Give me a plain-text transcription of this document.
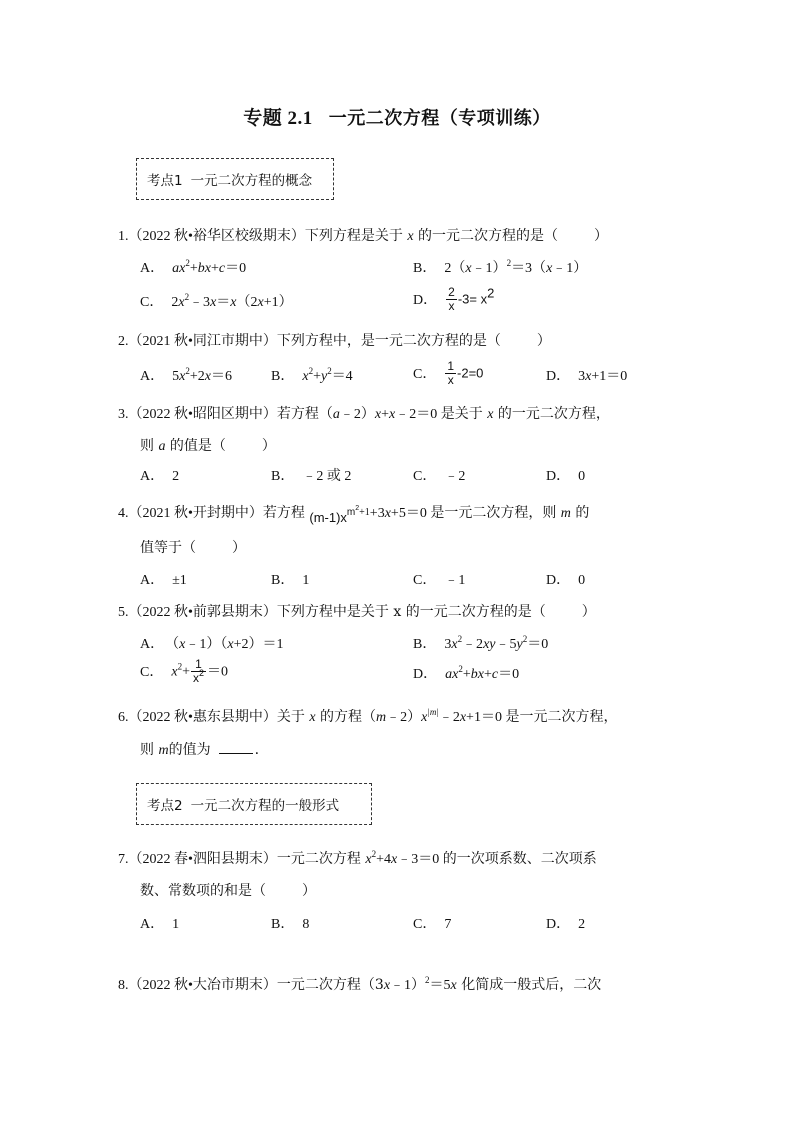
专题 2.1 一元二次方程（专项训练）
考点1 一元二次方程的概念
1.（2022 秋•裕华区校级期末）下列方程是关于 x 的一元二次方程的是（	）
A． $ax^2+bx+c=0$	B． 2（x﹣1）$^2$＝3（x﹣1）
C． $2x^2﹣3x=x(2x+1)$	D． $\frac{2}{x} -3= x^2$
2.（2021 秋•同江市期中）下列方程中，是一元二次方程的是（	）
A． $5x^2+2x=6$	B． $x^2+y^2=4$	C． $\frac{1}{x} -2=0$	D． 3x+1＝0
3.（2022 秋•昭阳区期中）若方程（a﹣2）x+x﹣2＝0 是关于 x 的一元二次方程，
则 a 的值是（	）
A． 2	B． ﹣2 或 2	C． ﹣2	D． 0
4.（2021 秋•开封期中）若方程 $(m-1)x^{m^2+1}+3x+5=0$ 是一元二次方程，则 m 的
值等于（	）
A． ±1	B． 1	C． ﹣1	D． 0
5.（2022 秋•前郭县期末）下列方程中是关于 x 的一元二次方程的是（	）
A． （x﹣1）（x+2）＝1	B． $3x^2﹣2xy﹣5y^2=0$
C． $x^2+ \frac{1}{x^2} =0$	D． $ax^2+bx+c=0$
6.（2022 秋•惠东县期中）关于 x 的方程$(m﹣2)x^{|m|}﹣2x+1=0$ 是一元二次方程，
则 m的值为	.
考点2 一元二次方程的一般形式
7.（2022 春•泗阳县期末）一元二次方程 $x^2+4x﹣3=0$ 的一次项系数、二次项系
数、常数项的和是（	）
A． 1	B． 8	C． 7	D． 2
8.（2022 秋•大冶市期末）一元二次方程（3x﹣1）$^2$＝5x 化简成一般式后，二次
